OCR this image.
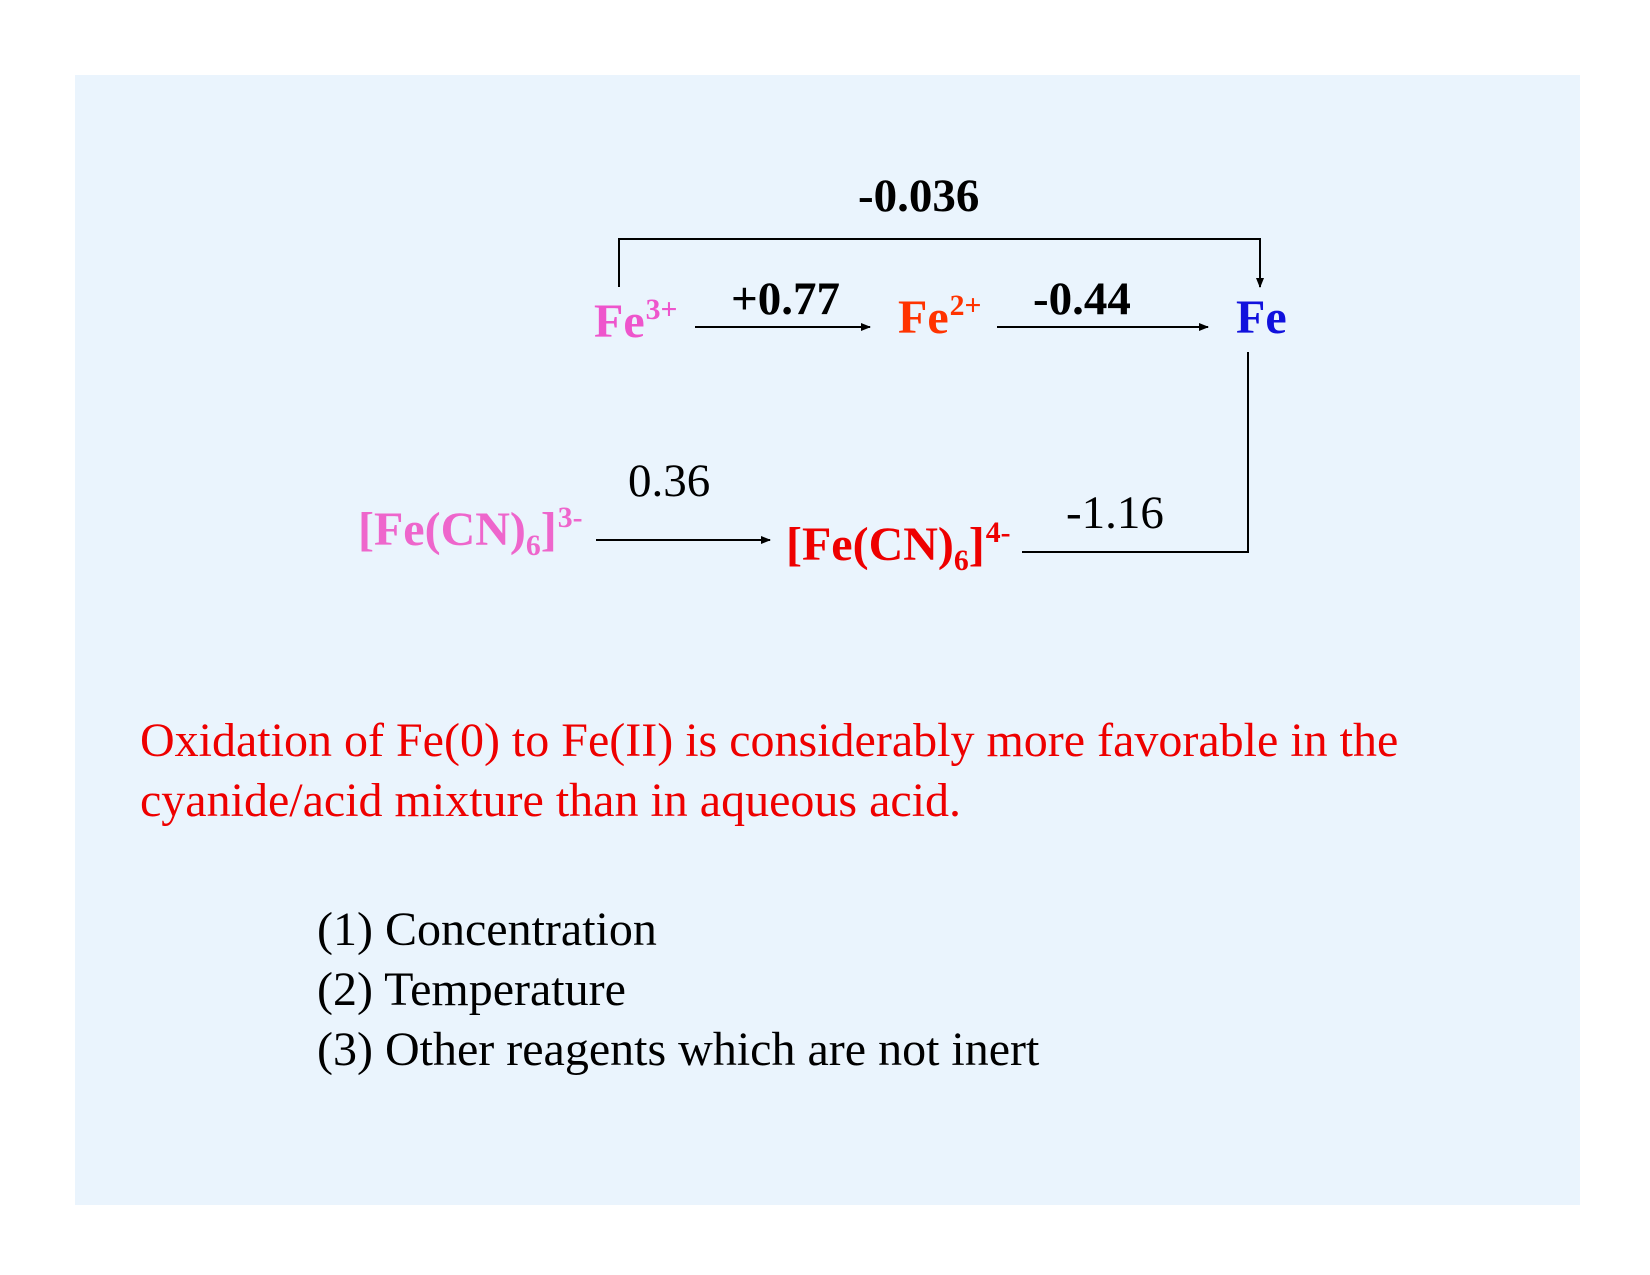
-0.036
$Fe^{3+} +0.77$ $Fe^{2+}$ -0.44 Fe
0.36
$[Fe(CN)_6]^{3-}$
$[Fe(CN)_6]^{4-}$ -1.16
Oxidation of Fe(0) to Fe(II) is considerably more favorable in the cyanide/acid mixture than in aqueous acid.
(1) Concentration
(2) Temperature
(3) Other reagents which are not inert
